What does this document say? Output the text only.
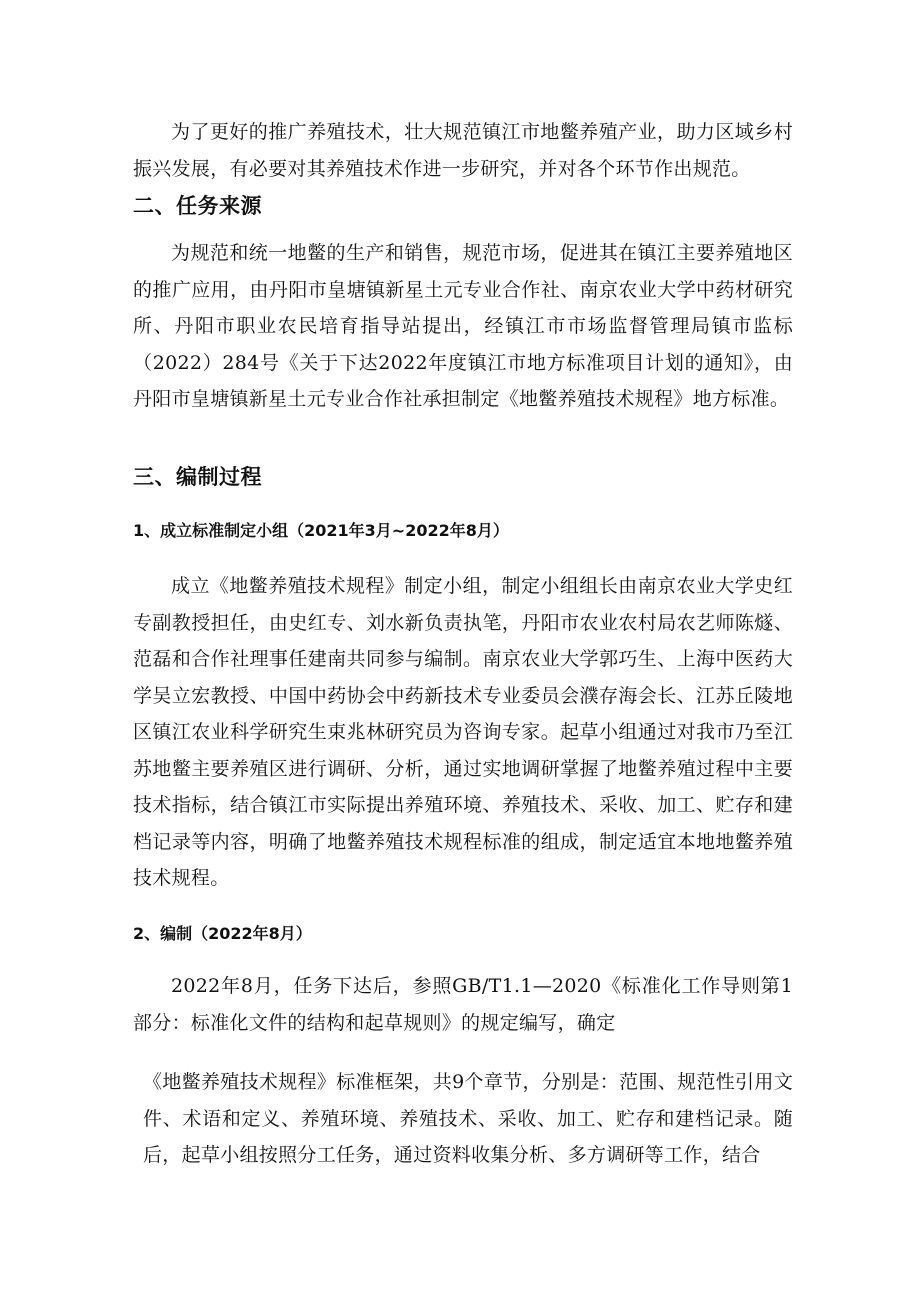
为了更好的推广养殖技术，壮大规范镇江市地鳖养殖产业，助力区域乡村振兴发展，有必要对其养殖技术作进一步研究，并对各个环节作出规范。

二、任务来源

为规范和统一地鳖的生产和销售，规范市场，促进其在镇江主要养殖地区的推广应用，由丹阳市皇塘镇新星土元专业合作社、南京农业大学中药材研究所、丹阳市职业农民培育指导站提出，经镇江市市场监督管理局镇市监标（2022）284号《关于下达2022年度镇江市地方标准项目计划的通知》，由丹阳市皇塘镇新星土元专业合作社承担制定《地鳖养殖技术规程》地方标准。

三、编制过程
1、成立标准制定小组（2021年3月~2022年8月）

成立《地鳖养殖技术规程》制定小组，制定小组组长由南京农业大学史红专副教授担任，由史红专、刘水新负责执笔，丹阳市农业农村局农艺师陈燧、范磊和合作社理事任建南共同参与编制。南京农业大学郭巧生、上海中医药大学吴立宏教授、中国中药协会中药新技术专业委员会濮存海会长、江苏丘陵地区镇江农业科学研究生束兆林研究员为咨询专家。起草小组通过对我市乃至江苏地鳖主要养殖区进行调研、分析，通过实地调研掌握了地鳖养殖过程中主要技术指标，结合镇江市实际提出养殖环境、养殖技术、采收、加工、贮存和建档记录等内容，明确了地鳖养殖技术规程标准的组成，制定适宜本地地鳖养殖技术规程。

2、编制（2022年8月）

2022年8月，任务下达后，参照GB/T1.1—2020《标准化工作导则第1部分：标准化文件的结构和起草规则》的规定编写，确定

《地鳖养殖技术规程》标准框架，共9个章节，分别是：范围、规范性引用文件、术语和定义、养殖环境、养殖技术、采收、加工、贮存和建档记录。随后，起草小组按照分工任务，通过资料收集分析、多方调研等工作，结合
